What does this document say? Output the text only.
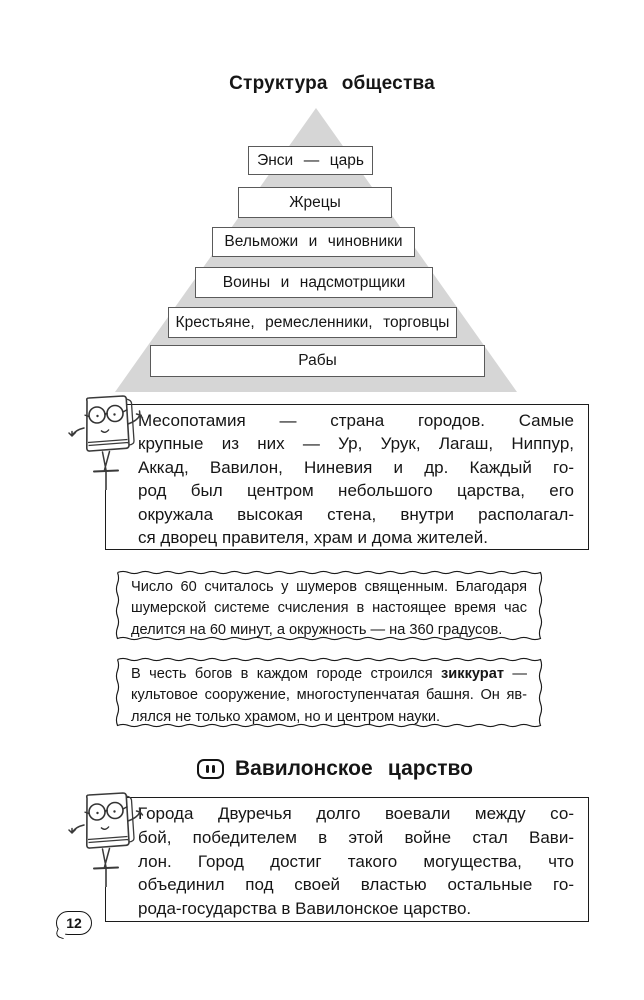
Структура общества
Энси — царь
Жрецы
Вельможи и чиновники
Воины и надсмотрщики
Крестьяне, ремесленники, торговцы
Рабы
Месопотамия — страна городов. Самые
крупные из них — Ур, Урук, Лагаш, Ниппур,
Аккад, Вавилон, Ниневия и др. Каждый го-
род был центром небольшого царства, его
окружала высокая стена, внутри располагал-
ся дворец правителя, храм и дома жителей.
Число 60 считалось у шумеров священным. Благодаря
шумерской системе счисления в настоящее время час
делится на 60 минут, а окружность — на 360 градусов.
В честь богов в каждом городе строился зиккурат —
культовое сооружение, многоступенчатая башня. Он яв-
лялся не только храмом, но и центром науки.
Вавилонское царство
Города Двуречья долго воевали между со-
бой, победителем в этой войне стал Вави-
лон. Город достиг такого могущества, что
объединил под своей властью остальные го-
рода-государства в Вавилонское царство.
12
